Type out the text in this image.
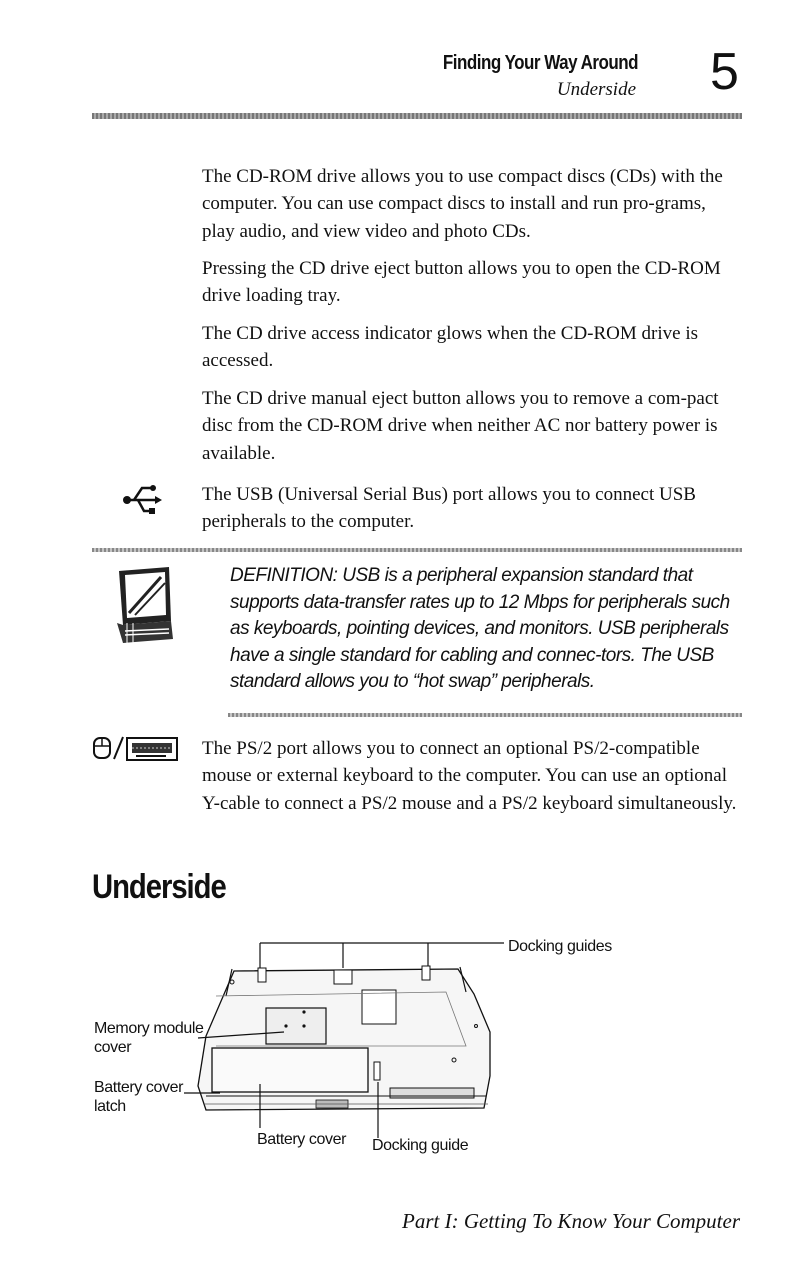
Finding Your Way Around
Underside 5

The CD-ROM drive allows you to use compact discs (CDs) with the computer. You can use compact discs to install and run pro-grams, play audio, and view video and photo CDs.

Pressing the CD drive eject button allows you to open the CD-ROM drive loading tray.

The CD drive access indicator glows when the CD-ROM drive is accessed.

The CD drive manual eject button allows you to remove a com-pact disc from the CD-ROM drive when neither AC nor battery power is available.

The USB (Universal Serial Bus) port allows you to connect USB peripherals to the computer.

DEFINITION: USB is a peripheral expansion standard that supports data-transfer rates up to 12 Mbps for peripherals such as keyboards, pointing devices, and monitors. USB peripherals have a single standard for cabling and connec-tors. The USB standard allows you to “hot swap” peripherals.

The PS/2 port allows you to connect an optional PS/2-compatible mouse or external keyboard to the computer. You can use an optional Y-cable to connect a PS/2 mouse and a PS/2 keyboard simultaneously.

Underside
Docking guides
Memory module cover
Battery cover latch
Battery cover Docking guide
Part I: Getting To Know Your Computer
